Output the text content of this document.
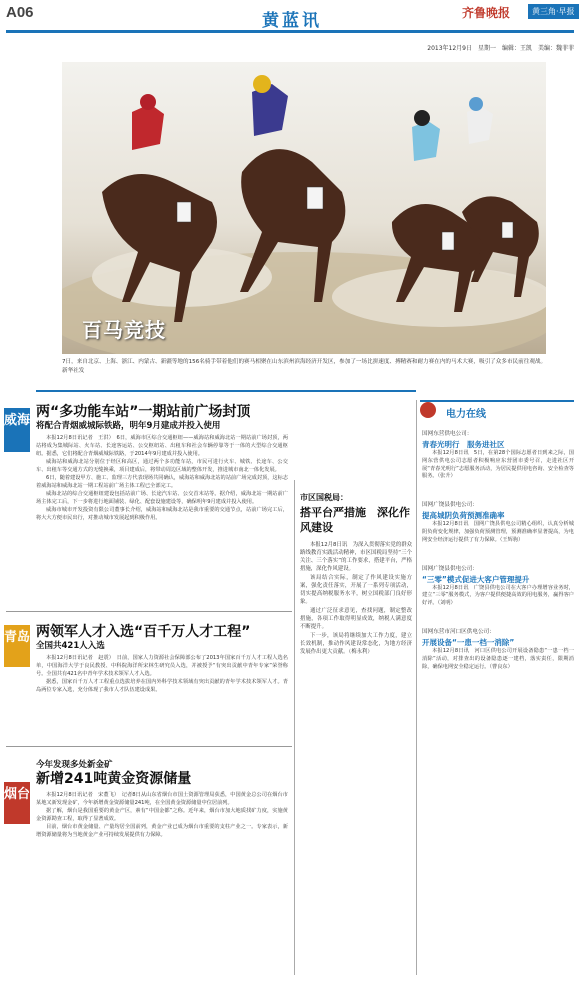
A06	黄蓝讯	齐鲁晚报	黄三角·早报
2013年12月9日　星期一　编辑：王凯　美编：魏菲菲
百马竞技
7日，来自北京、上海、浙江、内蒙古、新疆等地的156名骑手带着他们的赛马相聚在山东滨州滨海经济开发区，参加了一场比拼速度、搏精赛和耐力赛在内的马术大赛，吸引了众多市民前往观战。　新华社发
威海
两“多功能车站”一期站前广场封顶
将配合青烟威城际铁路，明年9月建成并投入使用

本报12月8日讯记者　王洪）　6日，威海市区综合交通枢纽——威海站和威海北站一期站前广场封顶，两站将成为集城际站、火车站、长途客运站、公交枢纽站、出租车和社会车辆停靠等于一体的大型综合交通枢纽。据悉，它们将配合青烟威城际铁路，于2014年9月建成并投入使用。

威海站和威海北站分别位于经区和高区，通过两个多功能车站，市民可进行火车、城铁、长途车、公交车、出租车等交通方式的无缝换乘，项目建成后，将带动周边区域的整体开发，推进城市南北一体化发展。

6日，随着建设甲方、施工、监理三方代表现场共同确认，威海站和威海北站的站前广场完成封顶，这标志着威海站和威海北站一期工程站前广场主体工程已全部完工。

威海北站的综合交通枢纽建设包括站前广场、长途汽车站、公交首末站等。据介绍，威海北站一期站前广场主体完工后，下一步将进行地面铺装、绿化、配套设施建设等，确保明年9月建成并投入使用。

威海市城市开发投资有限公司董事长介绍，威海站和威海北站是我市重要的交通节点，站前广场完工后，将大大方便市民出行，对推动城市发展起到积极作用。

青岛 两领军人才入选“百千万人才工程”
全国共421人入选

本报12月8日讯记者　赵震）　日前，国家人力资源社会保障部公布了2013年国家百千万人才工程人选名单，中国海洋大学于良民教授、中科院海洋所宋林生研究员入选，并被授予“有突出贡献中青年专家”荣誉称号。全国共有421名中青年学术技术领军人才入选。

据悉，国家百千万人才工程重点选拔培养在国内外科学技术领域有突出贡献的青年学术技术领军人才。青岛两位专家入选，充分体现了我市人才队伍建设成果。

烟台
今年发现多处新金矿
新增241吨黄金资源储量

本报12月8日讯记者　宋董飞）　记者8日从山东省烟台市国土资源管理局获悉，中国黄金总公司在烟台市某地又新发现金矿，今年新增黄金资源储量241吨，在全国黄金资源储量中位居前列。

据了解，烟台是我国重要的黄金产区，素有“中国金都”之称。近年来，烟台市加大地质找矿力度，实施黄金资源勘查工程，取得了显著成效。

目前，烟台市黄金储量、产量均居全国前列，黄金产业已成为烟台市重要的支柱产业之一。专家表示，新增资源储量将为当地黄金产业可持续发展提供有力保障。

市区国税局：
搭平台严措施　深化作风建设

本报12月8日讯　为深入贯彻落实党的群众路线教育实践活动精神，市区国税局坚持“三个关注、三个落实”的工作要求，搭建平台，严格措施，深化作风建设。

该局结合实际，制定了作风建设实施方案，强化责任落实，开展了一系列专项活动，切实提高纳税服务水平，树立国税部门良好形象。

通过广泛征求意见，查找问题，制定整改措施，各项工作取得明显成效，纳税人满意度不断提升。

下一步，该局将继续加大工作力度，建立长效机制，推动作风建设常态化，为地方经济发展作出更大贡献。（梅永利）

电力在线
国网东营供电公司：
青春光明行　服务进社区
本报12月8日讯　5日，在第28个国际志愿者日到来之际，国网东营供电公司志愿者积极响应东营团市委号召，走进社区开展“青春光明行”志愿服务活动，为居民提供用电咨询、安全检查等服务。（张升）
国网广饶县供电公司：
提高城阴负荷预测准确率
本报12月8日讯　国网广饶县供电公司精心组织，认真分析城阴负荷变化规律，加强负荷预测管理，预测准确率显著提高，为电网安全经济运行提供了有力保障。（王辉驹）
国网广饶县供电公司：
“三零”模式促进大客户管理提升
本报12月8日讯　广饶县供电公司在大客户办理增容业务时，建立“三零”服务模式，为客户提供便捷高效的用电服务，赢得客户好评。（刘明）
国网东营市河口区供电公司：
开展设备“一患一档一消除”
本报12月8日讯　河口区供电公司开展设备隐患“一患一档一消除”活动，对排查出的设备隐患逐一建档，落实责任，限期消除，确保电网安全稳定运行。（曹良东）
